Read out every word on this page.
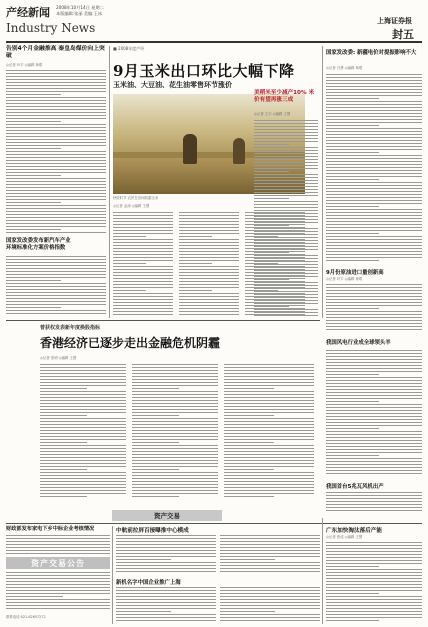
产经新闻 2008年10月14日 星期二
本版编辑:张丽 美编:王冰
Industry News
上海证券报
封五
告别4个月金融推高 秦皇岛煤价向上突破
◎记者 叶宇 ◎编辑 杨珺
国家发改委发布新汽车产业
环境标准化方案价格指数
■ 2008年度产经
9月玉米出口环比大幅下降
玉米油、大豆油、花生油零售环节涨价
秋收时节 农民在田间收割玉米
◎记者 孟涛 ◎编辑 王慧
美稻米至少减产10% 米价有望再涨三成
◎记者 王宇 ◎编辑 王慧
国家发改委: 新疆电价对提振影响不大
◎记者 吕勇 ◎编辑 杨珺
9月份原油进口量创新高
◎记者 叶宇 ◎编辑 杨珺
我国风电行业成全球领头羊
我国首台5兆瓦风机出产
曾获权发表新年度换股指标
香港经济已逐步走出金融危机阴霾
◎记者 张明 ◎编辑 王慧
资产交易
财政部发布家电下乡中标企业考核情况
资产交易公告
联系电话:021-62657272
中航前拉屏百接曝推中心模成
新机名字中国企业推广上海
广东加快淘汰落后产能
◎记者 张成 ◎编辑 王慧
